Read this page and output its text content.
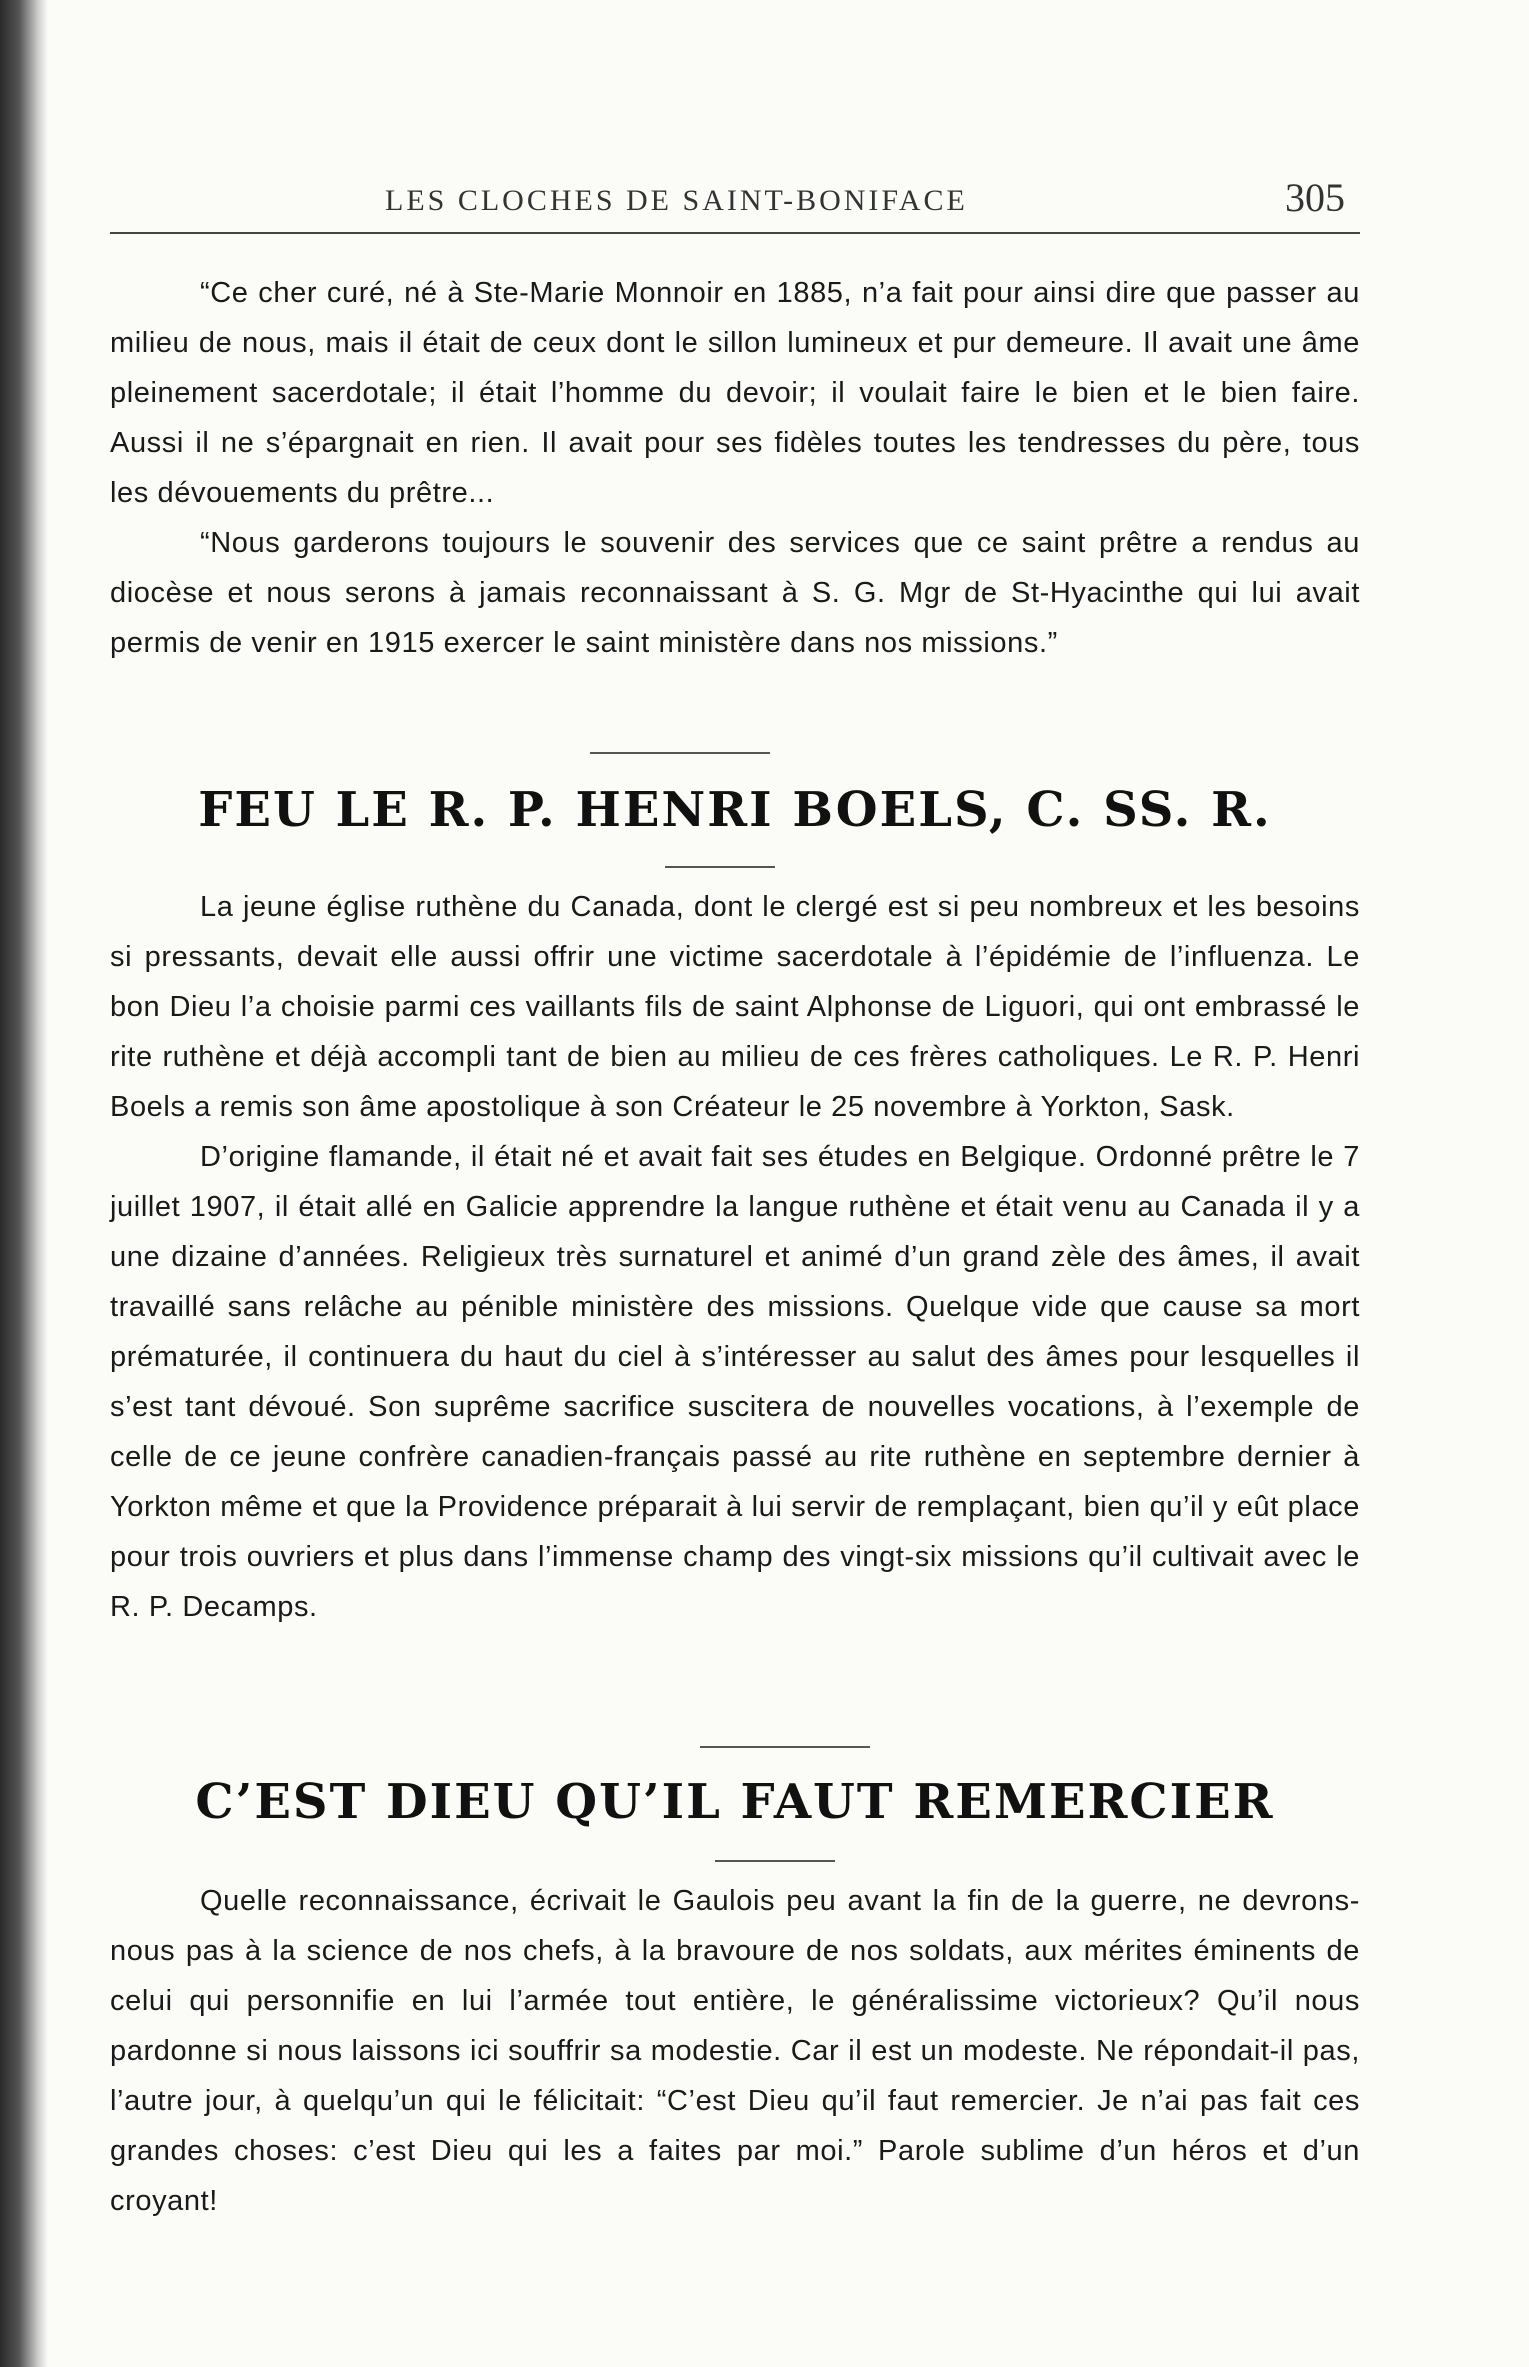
LES CLOCHES DE SAINT-BONIFACE	305

“Ce cher curé, né à Ste-Marie Monnoir en 1885, n’a fait pour ainsi dire que passer au milieu de nous, mais il était de ceux dont le sillon lumineux et pur demeure. Il avait une âme pleinement sacerdotale; il était l’homme du devoir; il voulait faire le bien et le bien faire. Aussi il ne s’épargnait en rien. Il avait pour ses fidèles toutes les tendresses du père, tous les dévouements du prêtre...

“Nous garderons toujours le souvenir des services que ce saint prêtre a rendus au diocèse et nous serons à jamais reconnaissant à S. G. Mgr de St-Hyacinthe qui lui avait permis de venir en 1915 exercer le saint ministère dans nos missions.”

FEU LE R. P. HENRI BOELS, C. SS. R.

La jeune église ruthène du Canada, dont le clergé est si peu nombreux et les besoins si pressants, devait elle aussi offrir une victime sacerdotale à l’épidémie de l’influenza. Le bon Dieu l’a choisie parmi ces vaillants fils de saint Alphonse de Liguori, qui ont embrassé le rite ruthène et déjà accompli tant de bien au milieu de ces frères catholiques. Le R. P. Henri Boels a remis son âme apostolique à son Créateur le 25 novembre à Yorkton, Sask.

D’origine flamande, il était né et avait fait ses études en Belgique. Ordonné prêtre le 7 juillet 1907, il était allé en Galicie apprendre la langue ruthène et était venu au Canada il y a une dizaine d’années. Religieux très surnaturel et animé d’un grand zèle des âmes, il avait travaillé sans relâche au pénible ministère des missions. Quelque vide que cause sa mort prématurée, il continuera du haut du ciel à s’intéresser au salut des âmes pour lesquelles il s’est tant dévoué. Son suprême sacrifice suscitera de nouvelles vocations, à l’exemple de celle de ce jeune confrère canadien-français passé au rite ruthène en septembre dernier à Yorkton même et que la Providence préparait à lui servir de remplaçant, bien qu’il y eût place pour trois ouvriers et plus dans l’immense champ des vingt-six missions qu’il cultivait avec le R. P. Decamps.

C’EST DIEU QU’IL FAUT REMERCIER

Quelle reconnaissance, écrivait le Gaulois peu avant la fin de la guerre, ne devrons-nous pas à la science de nos chefs, à la bravoure de nos soldats, aux mérites éminents de celui qui personnifie en lui l’armée tout entière, le généralissime victorieux? Qu’il nous pardonne si nous laissons ici souffrir sa modestie. Car il est un modeste. Ne répondait-il pas, l’autre jour, à quelqu’un qui le félicitait: “C’est Dieu qu’il faut remercier. Je n’ai pas fait ces grandes choses: c’est Dieu qui les a faites par moi.” Parole sublime d’un héros et d’un croyant!
